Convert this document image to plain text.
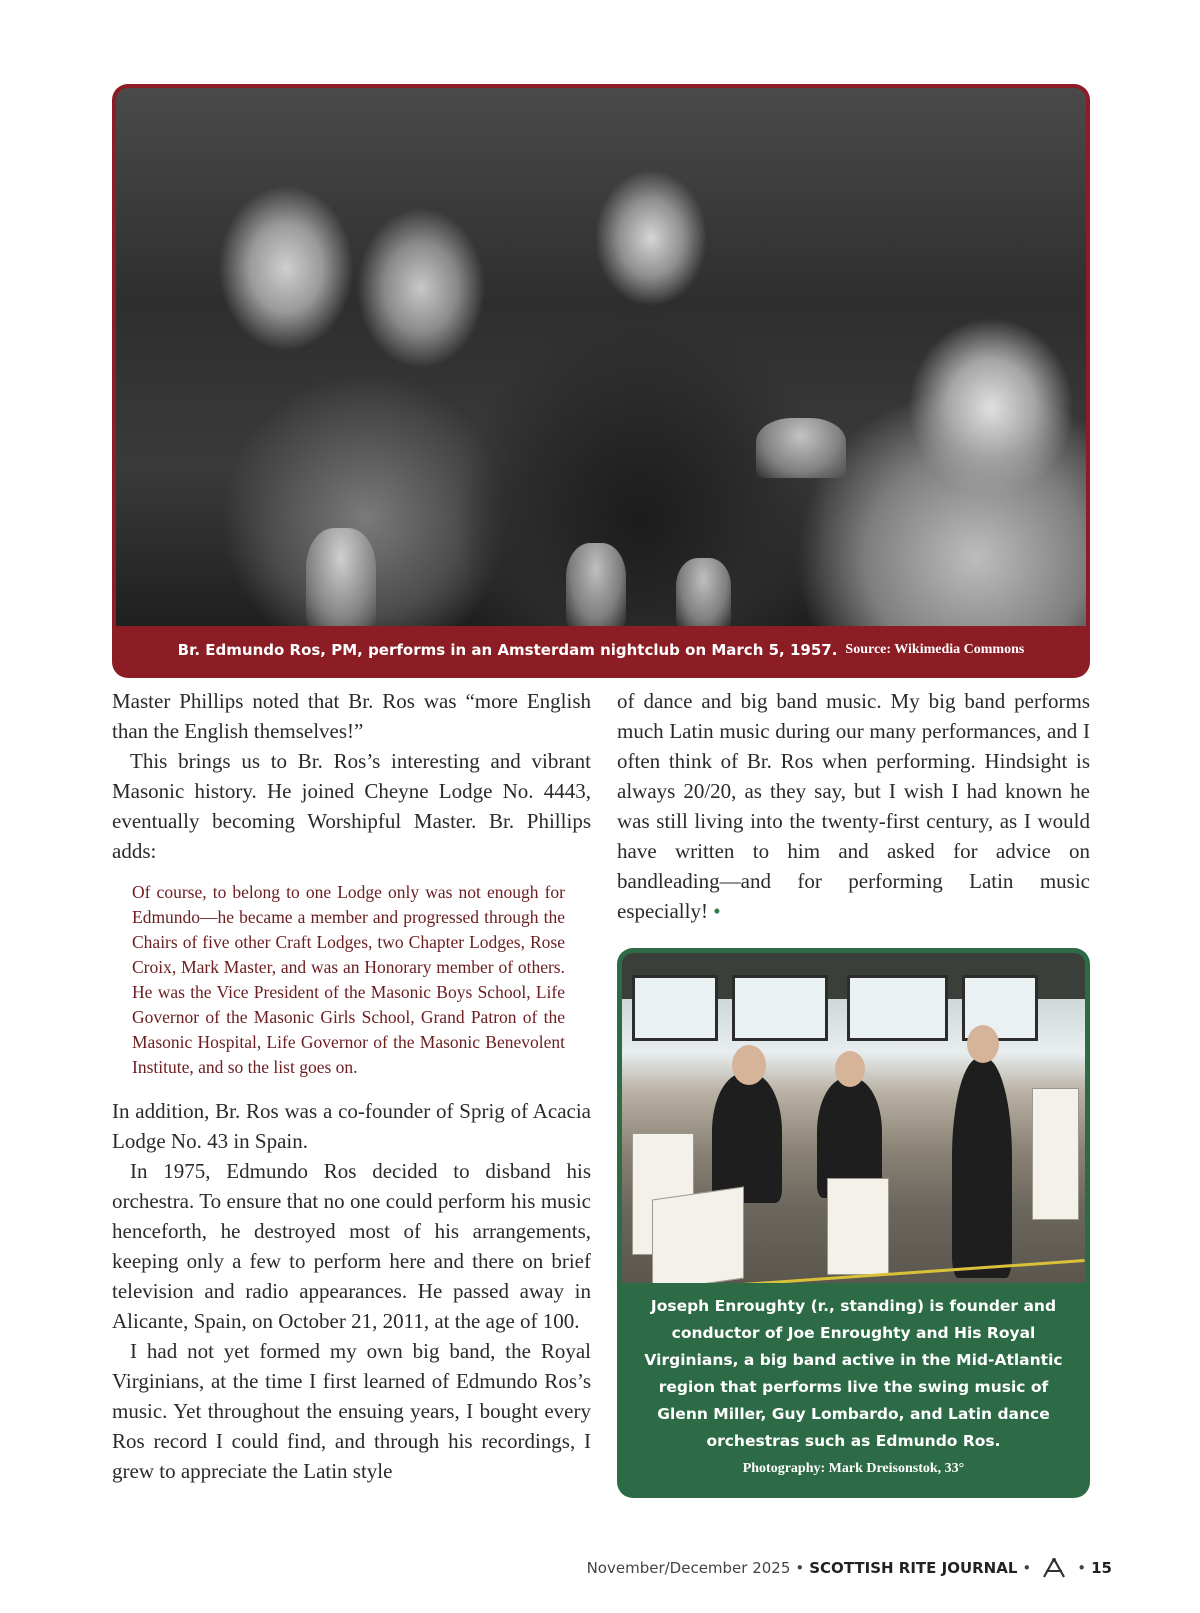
Br. Edmundo Ros, PM, performs in an Amsterdam nightclub on March 5, 1957. Source: Wikimedia Commons

Master Phillips noted that Br. Ros was “more English than the English themselves!”

This brings us to Br. Ros’s interesting and vibrant Masonic history. He joined Cheyne Lodge No. 4443, eventually becoming Worshipful Master. Br. Phillips adds:

Of course, to belong to one Lodge only was not enough for Edmundo—he became a member and progressed through the Chairs of five other Craft Lodges, two Chapter Lodges, Rose Croix, Mark Master, and was an Honorary member of others. He was the Vice President of the Masonic Boys School, Life Governor of the Masonic Girls School, Grand Patron of the Masonic Hospital, Life Governor of the Masonic Benevolent Institute, and so the list goes on.

In addition, Br. Ros was a co-founder of Sprig of Acacia Lodge No. 43 in Spain.

In 1975, Edmundo Ros decided to disband his orchestra. To ensure that no one could perform his music henceforth, he destroyed most of his arrangements, keeping only a few to perform here and there on brief television and radio appearances. He passed away in Alicante, Spain, on October 21, 2011, at the age of 100.

I had not yet formed my own big band, the Royal Virginians, at the time I first learned of Edmundo Ros’s music. Yet throughout the ensuing years, I bought every Ros record I could find, and through his recordings, I grew to appreciate the Latin style

of dance and big band music. My big band performs much Latin music during our many performances, and I often think of Br. Ros when performing. Hindsight is always 20/20, as they say, but I wish I had known he was still living into the twenty-first century, as I would have written to him and asked for advice on bandleading—and for performing Latin music especially! •

Joseph Enroughty (r., standing) is founder and conductor of Joe Enroughty and His Royal Virginians, a big band active in the Mid-Atlantic region that performs live the swing music of Glenn Miller, Guy Lombardo, and Latin dance orchestras such as Edmundo Ros.
Photography: Mark Dreisonstok, 33°
November/December 2025 • SCOTTISH RITE JOURNAL •	• 15
